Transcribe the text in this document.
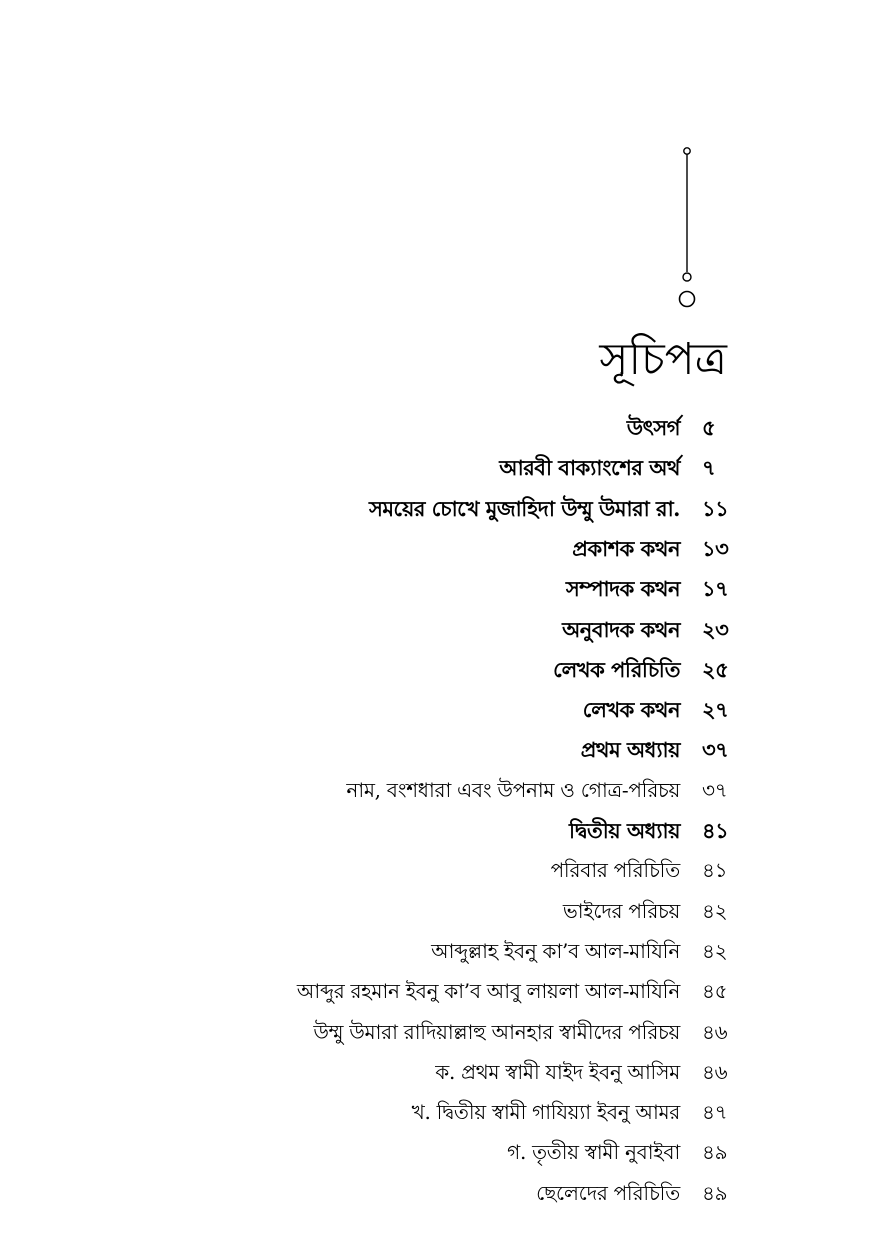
সূচিপত্র
উৎসর্গ ৫
আরবী বাক্যাংশের অর্থ ৭
সময়ের চোখে মুজাহিদা উম্মু উমারা রা. ১১
প্রকাশক কথন ১৩
সম্পাদক কথন ১৭
অনুবাদক কথন ২৩
লেখক পরিচিতি ২৫
লেখক কথন ২৭
প্রথম অধ্যায় ৩৭
নাম, বংশধারা এবং উপনাম ও গোত্র-পরিচয় ৩৭
দ্বিতীয় অধ্যায় ৪১
পরিবার পরিচিতি ৪১
ভাইদের পরিচয় ৪২
আব্দুল্লাহ ইবনু কা’ব আল-মাযিনি ৪২
আব্দুর রহমান ইবনু কা’ব আবু লায়লা আল-মাযিনি ৪৫
উম্মু উমারা রাদিয়াল্লাহু আনহার স্বামীদের পরিচয় ৪৬
ক. প্রথম স্বামী যাইদ ইবনু আসিম ৪৬
খ. দ্বিতীয় স্বামী গাযিয়্যা ইবনু আমর ৪৭
গ. তৃতীয় স্বামী নুবাইবা ৪৯
ছেলেদের পরিচিতি ৪৯
